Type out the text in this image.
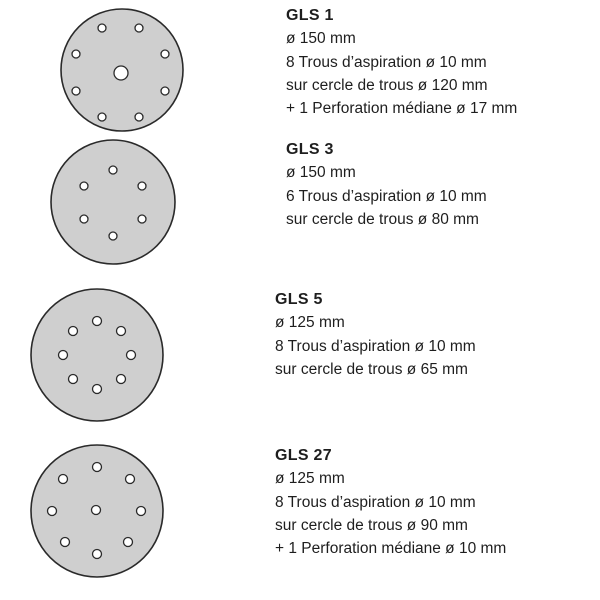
GLS 1
ø 150 mm
8 Trous d’aspiration ø 10 mm
sur cercle de trous ø 120 mm
+ 1 Perforation médiane ø 17 mm
GLS 3
ø 150 mm
6 Trous d’aspiration ø 10 mm
sur cercle de trous ø 80 mm
GLS 5
ø 125 mm
8 Trous d’aspiration ø 10 mm
sur cercle de trous ø 65 mm
GLS 27
ø 125 mm
8 Trous d’aspiration ø 10 mm
sur cercle de trous ø 90 mm
+ 1 Perforation médiane ø 10 mm
